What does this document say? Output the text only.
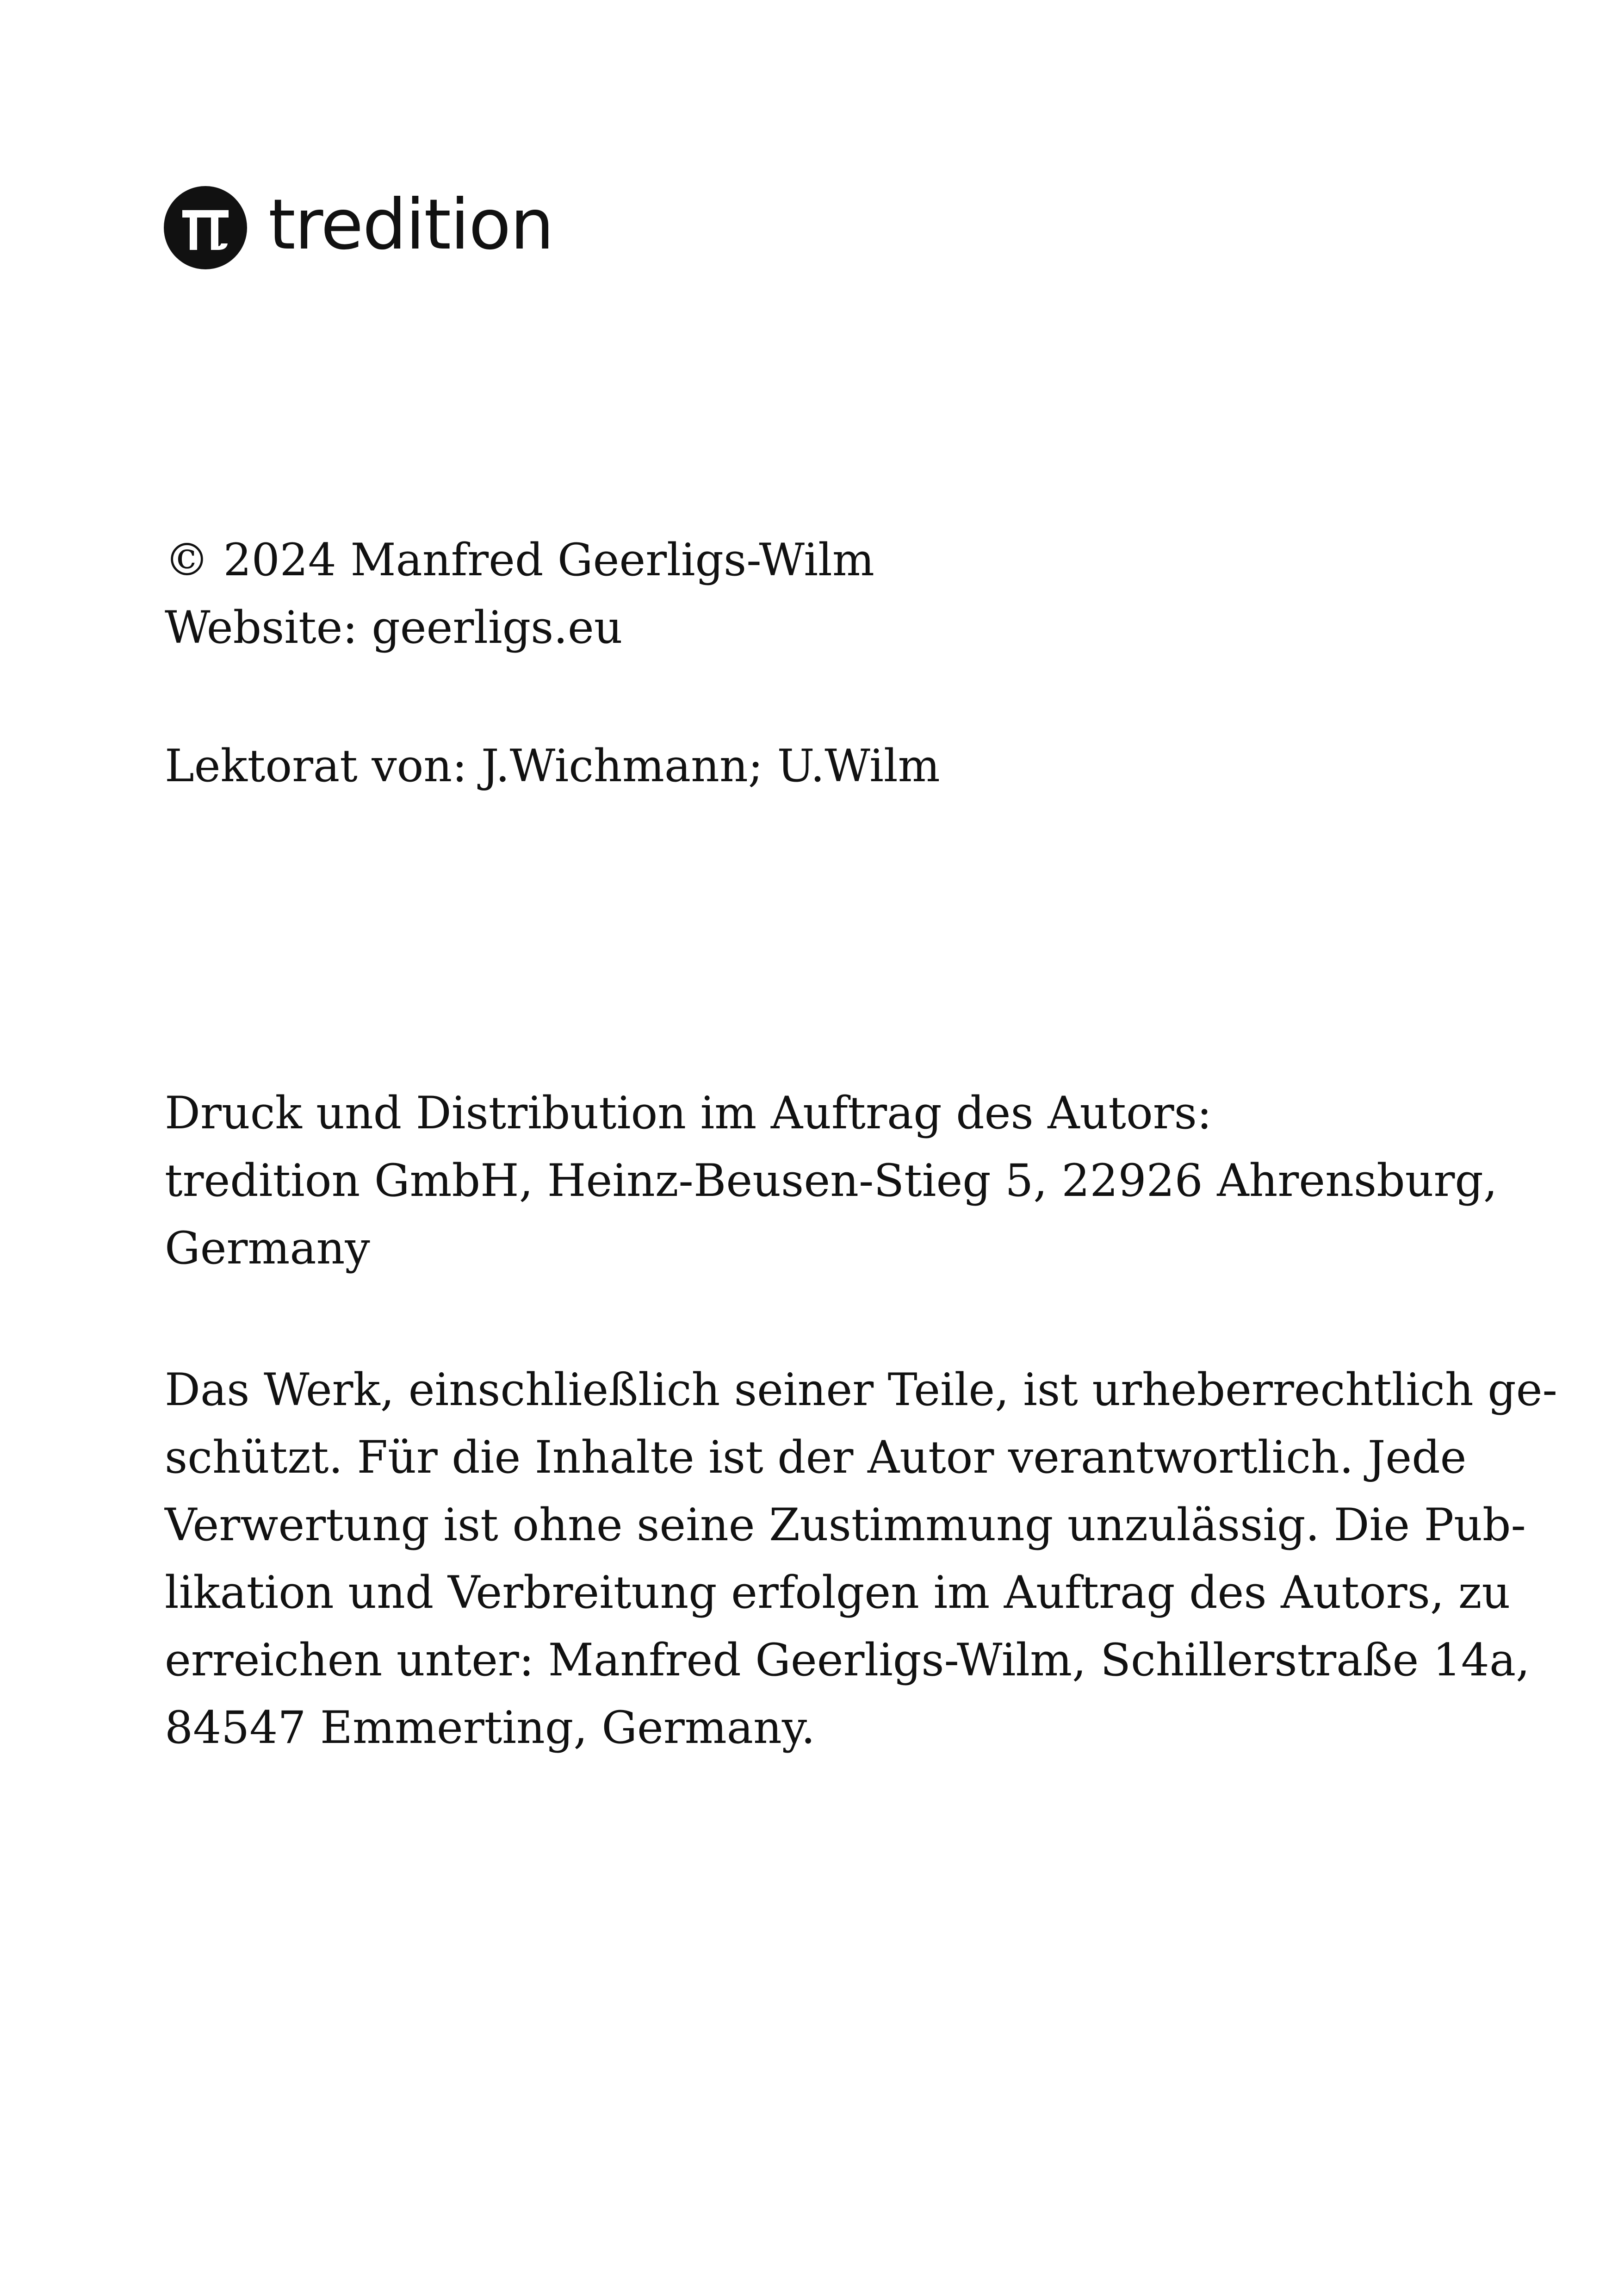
tredition

© 2024 Manfred Geerligs-Wilm
Website: geerligs.eu

Lektorat von: J.Wichmann; U.Wilm

Druck und Distribution im Auftrag des Autors:
tredition GmbH, Heinz-Beusen-Stieg 5, 22926 Ahrensburg,
Germany

Das Werk, einschließlich seiner Teile, ist urheberrechtlich ge-
schützt. Für die Inhalte ist der Autor verantwortlich. Jede
Verwertung ist ohne seine Zustimmung unzulässig. Die Pub-
likation und Verbreitung erfolgen im Auftrag des Autors, zu
erreichen unter: Manfred Geerligs-Wilm, Schillerstraße 14a,
84547 Emmerting, Germany.
